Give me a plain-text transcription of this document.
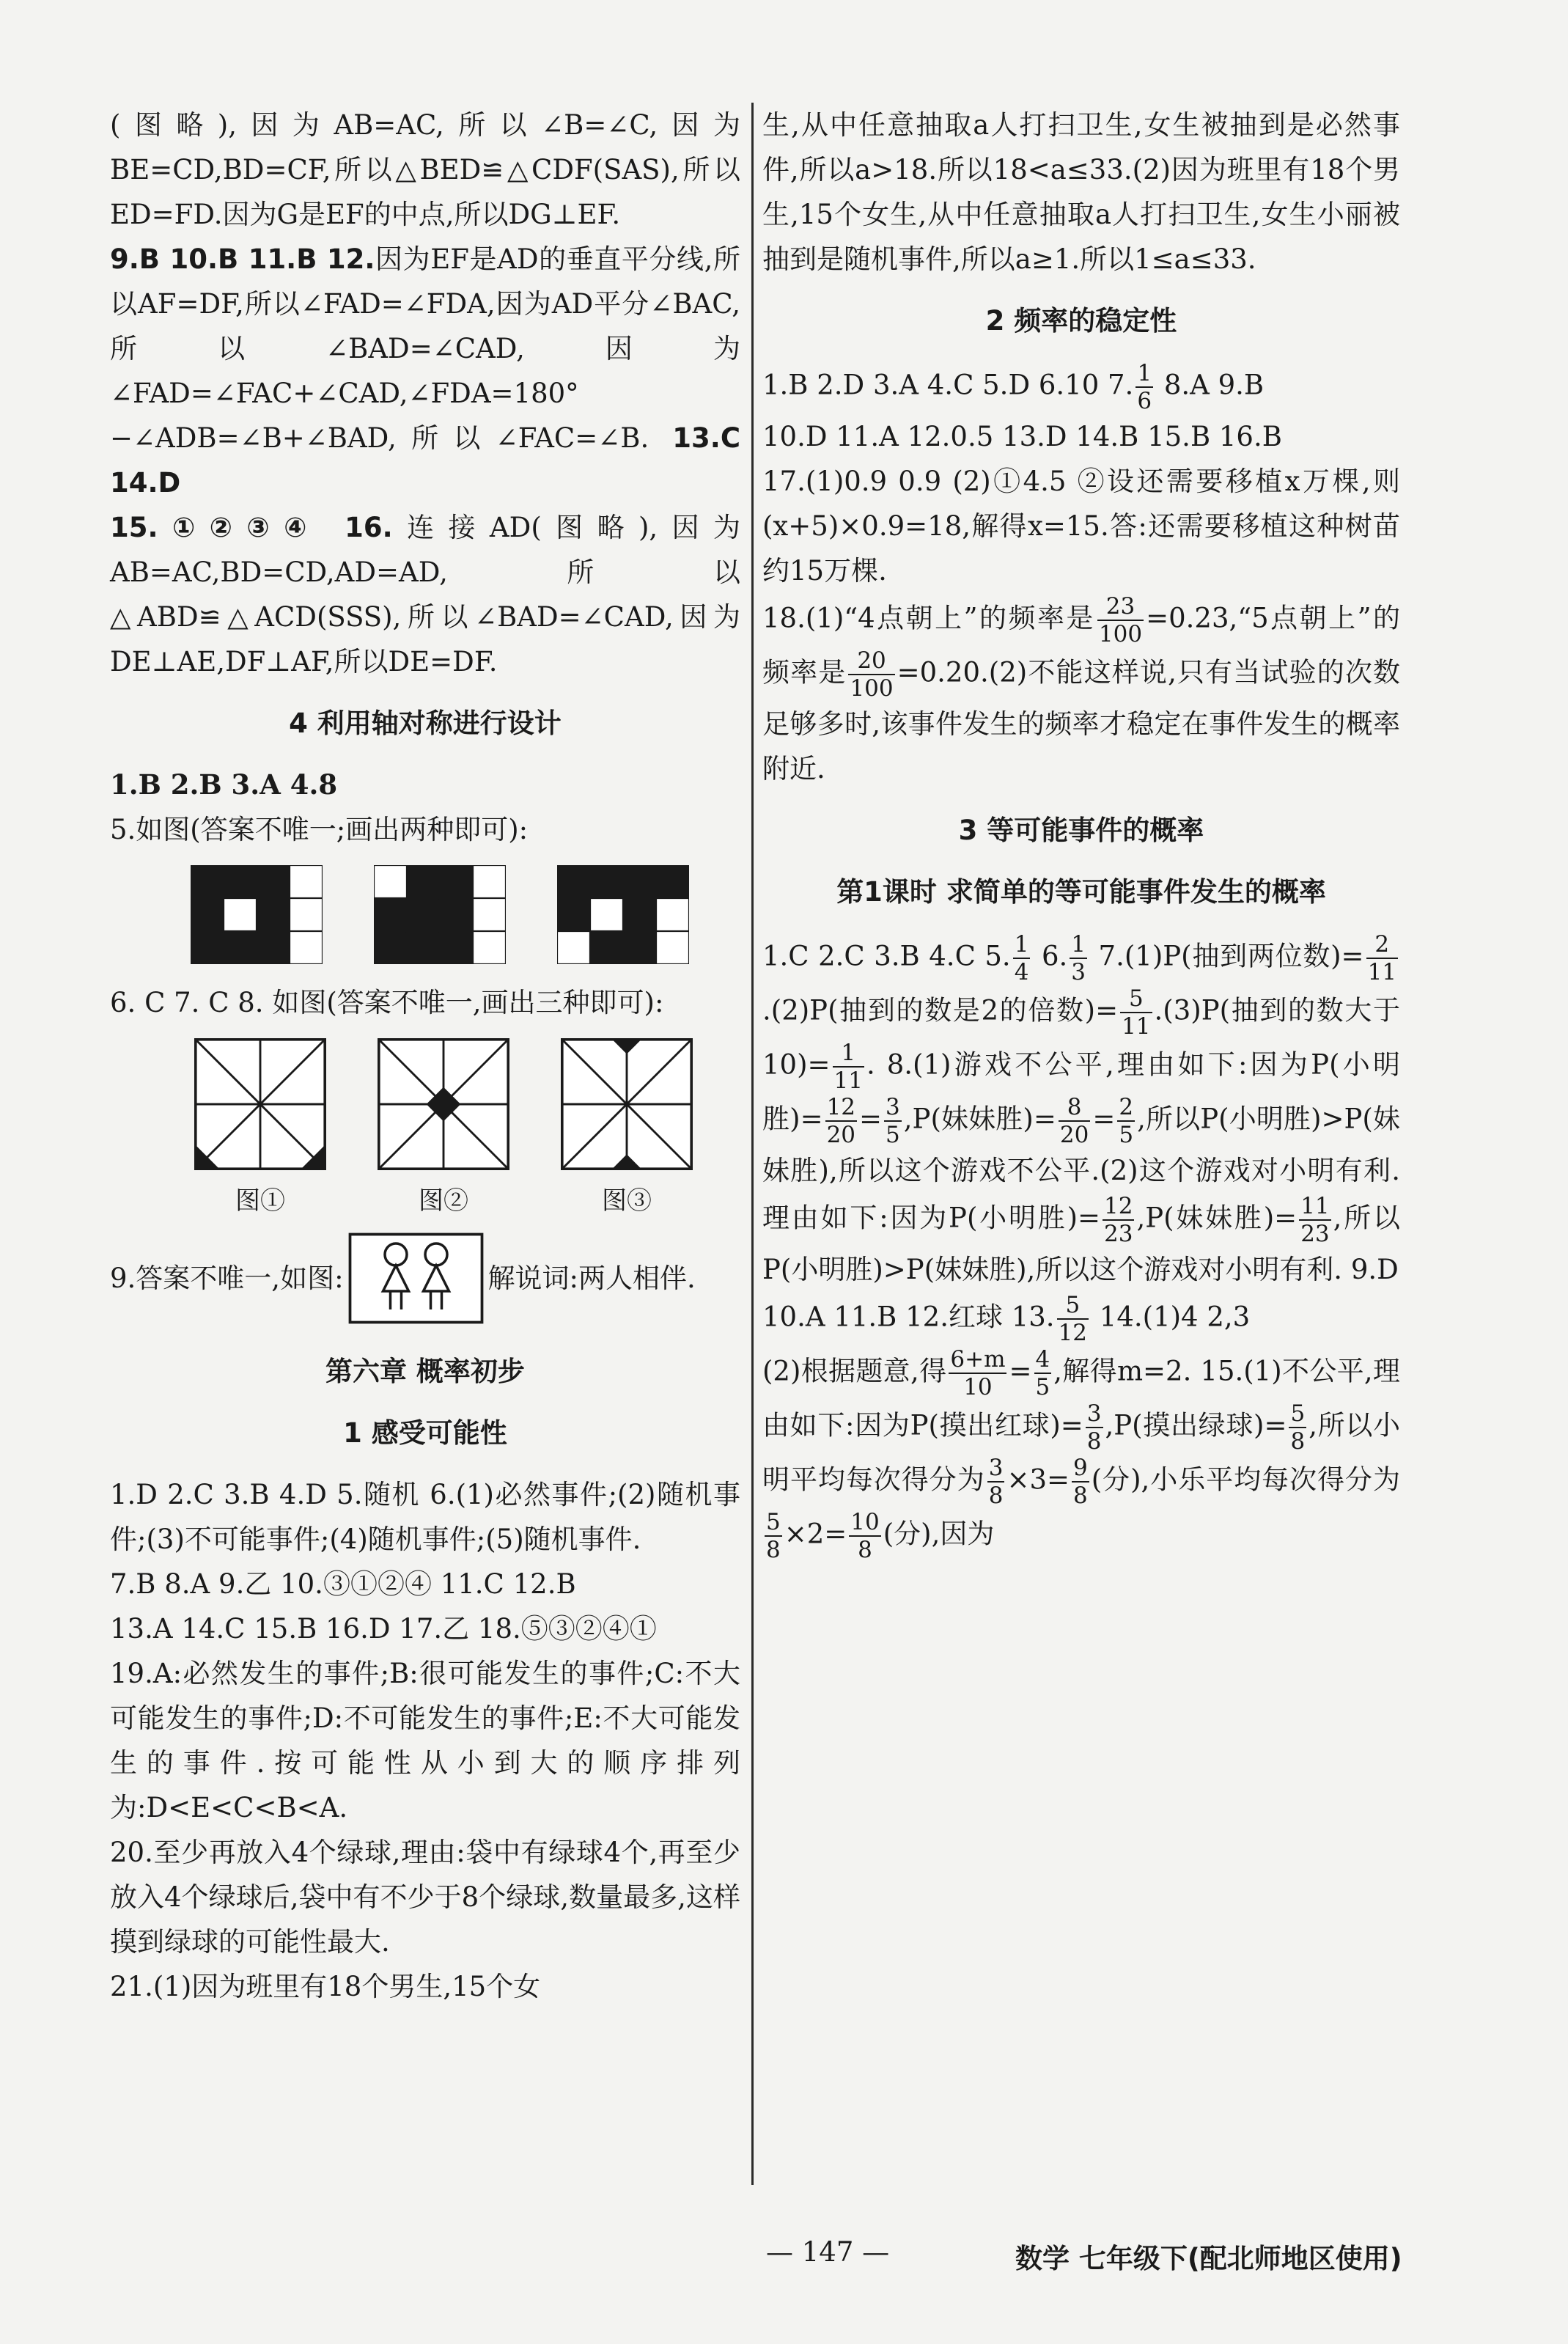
(图略),因为AB=AC,所以∠B=∠C,因为BE=CD,BD=CF,所以△BED≌△CDF(SAS),所以ED=FD.因为G是EF的中点,所以DG⊥EF.

9.B 10.B 11.B 12.因为EF是AD的垂直平分线,所以AF=DF,所以∠FAD=∠FDA,因为AD平分∠BAC,所以∠BAD=∠CAD,因为∠FAD=∠FAC+∠CAD,∠FDA=180°−∠ADB=∠B+∠BAD,所以∠FAC=∠B. 13.C 14.D

15.①②③④ 16.连接AD(图略),因为AB=AC,BD=CD,AD=AD,所以△ABD≌△ACD(SSS),所以∠BAD=∠CAD,因为DE⊥AE,DF⊥AF,所以DE=DF.

4 利用轴对称进行设计

1.B 2.B 3.A 4.8

5.如图(答案不唯一;画出两种即可):

6. C 7. C 8. 如图(答案不唯一,画出三种即可):

图①	图②	图③
9.答案不唯一,如图:	解说词:两人相伴.
第六章 概率初步
1 感受可能性

1.D 2.C 3.B 4.D 5.随机 6.(1)必然事件;(2)随机事件;(3)不可能事件;(4)随机事件;(5)随机事件.

7.B 8.A 9.乙 10.③①②④ 11.C 12.B

13.A 14.C 15.B 16.D 17.乙 18.⑤③②④①

19.A:必然发生的事件;B:很可能发生的事件;C:不大可能发生的事件;D:不可能发生的事件;E:不大可能发生的事件.按可能性从小到大的顺序排列为:D<E<C<B<A.

20.至少再放入4个绿球,理由:袋中有绿球4个,再至少放入4个绿球后,袋中有不少于8个绿球,数量最多,这样摸到绿球的可能性最大.

21.(1)因为班里有18个男生,15个女

生,从中任意抽取a人打扫卫生,女生被抽到是必然事件,所以a>18.所以18<a≤33.(2)因为班里有18个男生,15个女生,从中任意抽取a人打扫卫生,女生小丽被抽到是随机事件,所以a≥1.所以1≤a≤33.

2 频率的稳定性

1.B 2.D 3.A 4.C 5.D 6.10 7. $\frac{1}{6} 8.A$ 9.B

10.D 11.A 12.0.5 13.D 14.B 15.B 16.B

17.(1)0.9 0.9 (2)①4.5 ②设还需要移植x万棵,则(x+5)×0.9=18,解得x=15.答:还需要移植这种树苗约15万棵.

18.(1)“4点朝上”的频率是 $\frac{23}{100}$ =0.23,“5点朝上”的频率是 $\frac{20}{100} =0.20.(2)$不能这样说,只有当试验的次数足够多时,该事件发生的频率才稳定在事件发生的概率附近.

3 等可能事件的概率
第1课时 求简单的等可能事件发生的概率

1.C 2.C 3.B 4.C 5. $\frac{1}{4} 6$. $\frac{1}{3} 7.(1)P$(抽到两位数)= $\frac{2}{11}$
.(2)P(抽到的数是2的倍数)= $\frac{5}{11} .(3)P$(抽到的数大于$10)= \frac{1}{11}$ . 8.(1)游戏不公平,理由如下:因为P(小明胜)= $\frac{12}{20} = \frac{3}{5} ,P$(妹妹胜)= $\frac{8}{20} = \frac{2}{5}$ ,所以P(小明胜)>P(妹妹胜),所以这个游戏不公平.(2)这个游戏对小明有利.理由如下:因为P(小明胜)= $\frac{12}{23} ,P$(妹妹胜)= $\frac{11}{23}$ ,所以P(小明胜)>P(妹妹胜),所以这个游戏对小明有利. 9.D

10.A 11.B 12.红球 13. $\frac{5}{12} 14.(1)4$ 2,3

(2)根据题意,得 $\frac{6+m}{10} = \frac{4}{5}$ ,解得m=2. 15.(1)不公平,理由如下:因为P(摸出红球)= $\frac{3}{8} ,P$(摸出绿球)= $\frac{5}{8}$ ,所以小明平均每次得分为 $\frac{3}{8} \times 3= \frac{9}{8}$ (分),小乐平均每次得分为
$\frac{5}{8} \times 2= \frac{10}{8}$ (分),因为

— 147 —	数学 七年级下(配北师地区使用)
